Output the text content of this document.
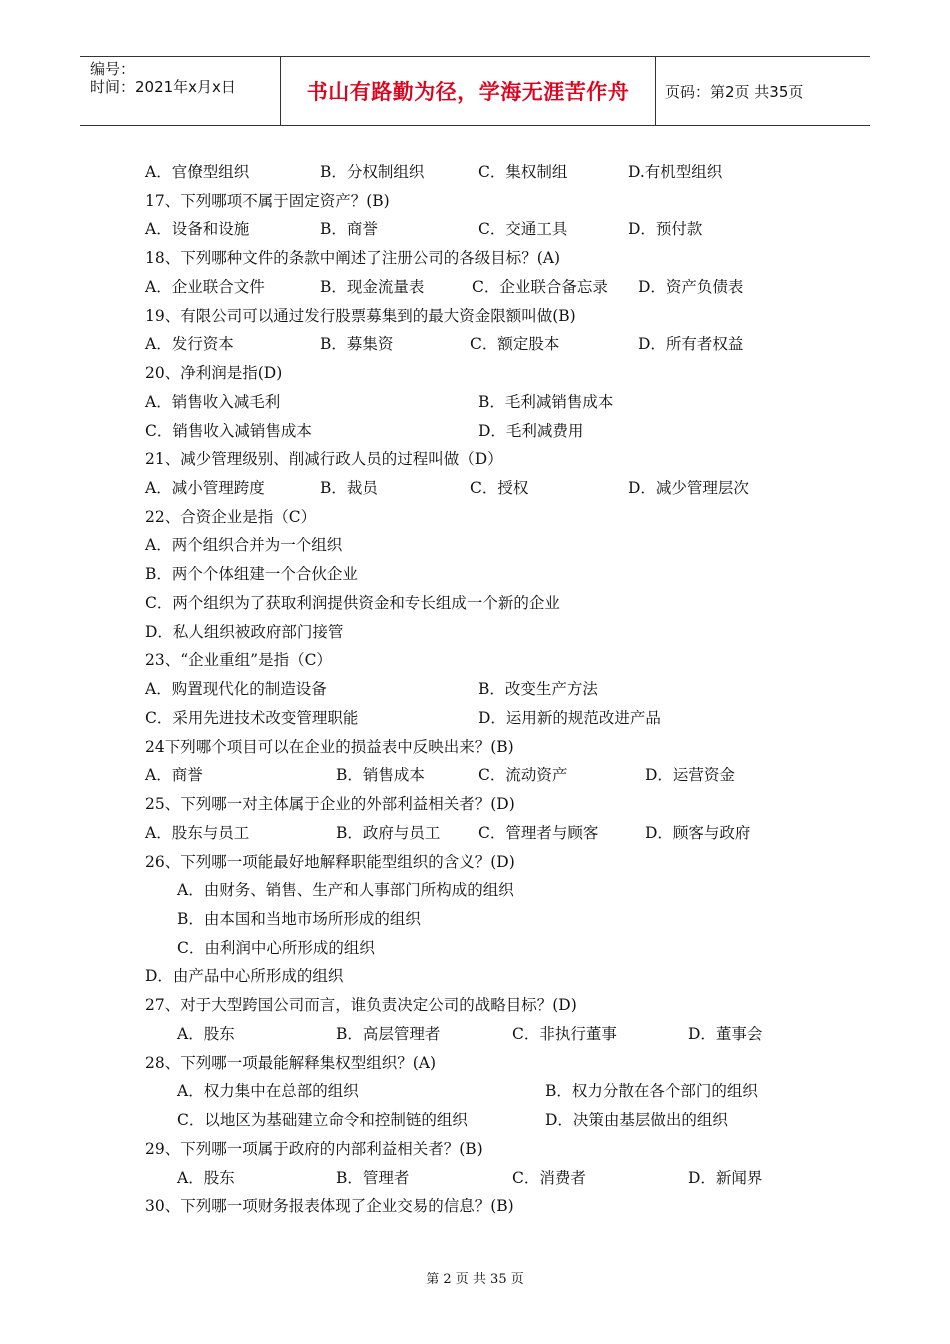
编号：
时间：2021年x月x日	书山有路勤为径，学海无涯苦作舟 页码：第2页 共35页
A．官僚型组织	B．分权制组织	C．集权制组	D.有机型组织
17、下列哪项不属于固定资产？(B)
A．设备和设施	B．商誉	C．交通工具	D．预付款
18、下列哪种文件的条款中阐述了注册公司的各级目标？(A)
A．企业联合文件	B．现金流量表	C．企业联合备忘录 D．资产负债表
19、有限公司可以通过发行股票募集到的最大资金限额叫做(B)
A．发行资本	B．募集资	C．额定股本	D．所有者权益
20、净利润是指(D)
A．销售收入减毛利	B．毛利减销售成本
C．销售收入减销售成本	D．毛利减费用
21、减少管理级别、削减行政人员的过程叫做（D）
A．减小管理跨度	B．裁员	C．授权	D．减少管理层次
22、合资企业是指（C）
A．两个组织合并为一个组织
B．两个个体组建一个合伙企业
C．两个组织为了获取利润提供资金和专长组成一个新的企业
D．私人组织被政府部门接管
23、“企业重组”是指（C）
A．购置现代化的制造设备	B．改变生产方法
C．采用先进技术改变管理职能	D．运用新的规范改进产品
24下列哪个项目可以在企业的损益表中反映出来？(B)
A．商誉	B．销售成本	C．流动资产	D．运营资金
25、下列哪一对主体属于企业的外部利益相关者？(D)
A．股东与员工	B．政府与员工 C．管理者与顾客	D．顾客与政府
26、下列哪一项能最好地解释职能型组织的含义？(D)
A．由财务、销售、生产和人事部门所构成的组织
B．由本国和当地市场所形成的组织
C．由利润中心所形成的组织
D．由产品中心所形成的组织
27、对于大型跨国公司而言，谁负责决定公司的战略目标？(D)
A．股东	B．高层管理者	C．非执行董事	D．董事会
28、下列哪一项最能解释集权型组织？(A)
A．权力集中在总部的组织	B．权力分散在各个部门的组织
C．以地区为基础建立命令和控制链的组织	D．决策由基层做出的组织
29、下列哪一项属于政府的内部利益相关者？(B)
A．股东	B．管理者	C．消费者	D．新闻界
30、下列哪一项财务报表体现了企业交易的信息？(B)
第 2 页 共 35 页
